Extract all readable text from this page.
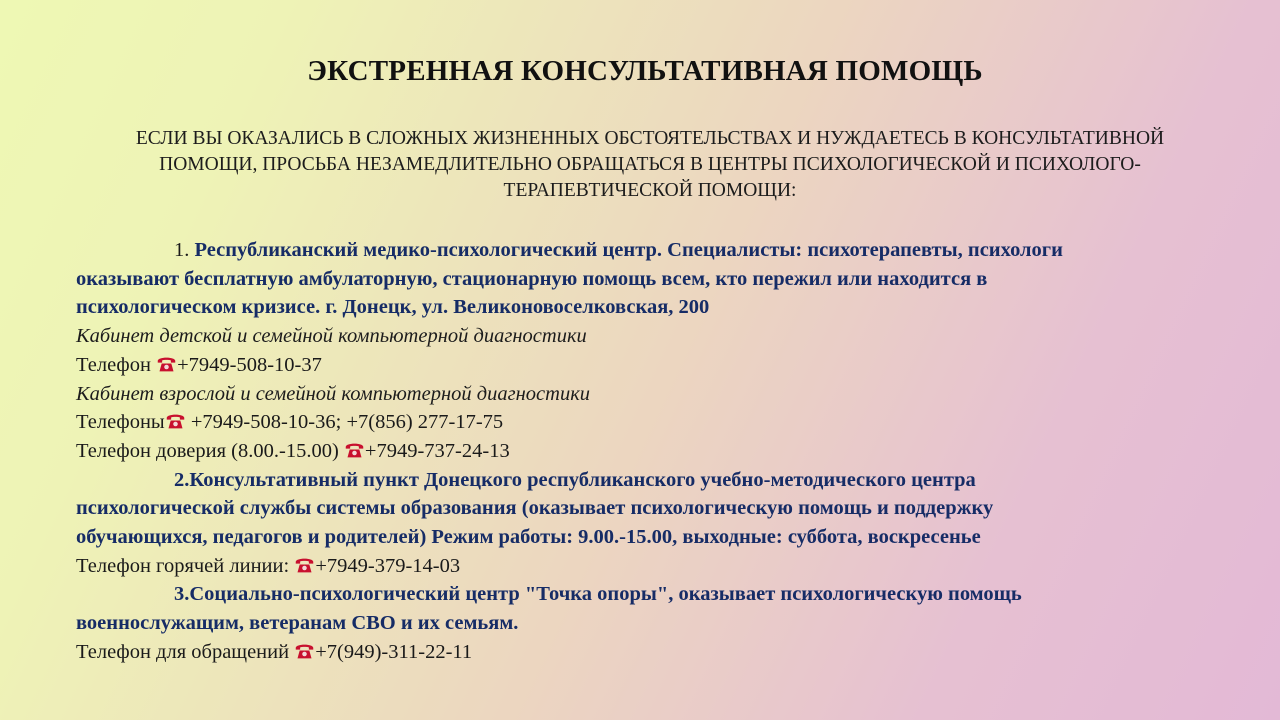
ЭКСТРЕННАЯ КОНСУЛЬТАТИВНАЯ ПОМОЩЬ
ЕСЛИ ВЫ ОКАЗАЛИСЬ В СЛОЖНЫХ ЖИЗНЕННЫХ ОБСТОЯТЕЛЬСТВАХ И НУЖДАЕТЕСЬ В КОНСУЛЬТАТИВНОЙ
ПОМОЩИ, ПРОСЬБА НЕЗАМЕДЛИТЕЛЬНО ОБРАЩАТЬСЯ В ЦЕНТРЫ ПСИХОЛОГИЧЕСКОЙ И ПСИХОЛОГО-
ТЕРАПЕВТИЧЕСКОЙ ПОМОЩИ:
1. Республиканский медико-психологический центр. Специалисты: психотерапевты, психологи
оказывают бесплатную амбулаторную, стационарную помощь всем, кто пережил или находится в
психологическом кризисе. г. Донецк, ул. Великоновоселковская, 200
Кабинет детской и семейной компьютерной диагностики
Телефон +7949-508-10-37
Кабинет взрослой и семейной компьютерной диагностики
Телефоны +7949-508-10-36; +7(856) 277-17-75
Телефон доверия (8.00.-15.00) +7949-737-24-13
2.Консультативный пункт Донецкого республиканского учебно-методического центра
психологической службы системы образования (оказывает психологическую помощь и поддержку
обучающихся, педагогов и родителей) Режим работы: 9.00.-15.00, выходные: суббота, воскресенье
Телефон горячей линии: +7949-379-14-03
3.Социально-психологический центр "Точка опоры", оказывает психологическую помощь
военнослужащим, ветеранам СВО и их семьям.
Телефон для обращений +7(949)-311-22-11
